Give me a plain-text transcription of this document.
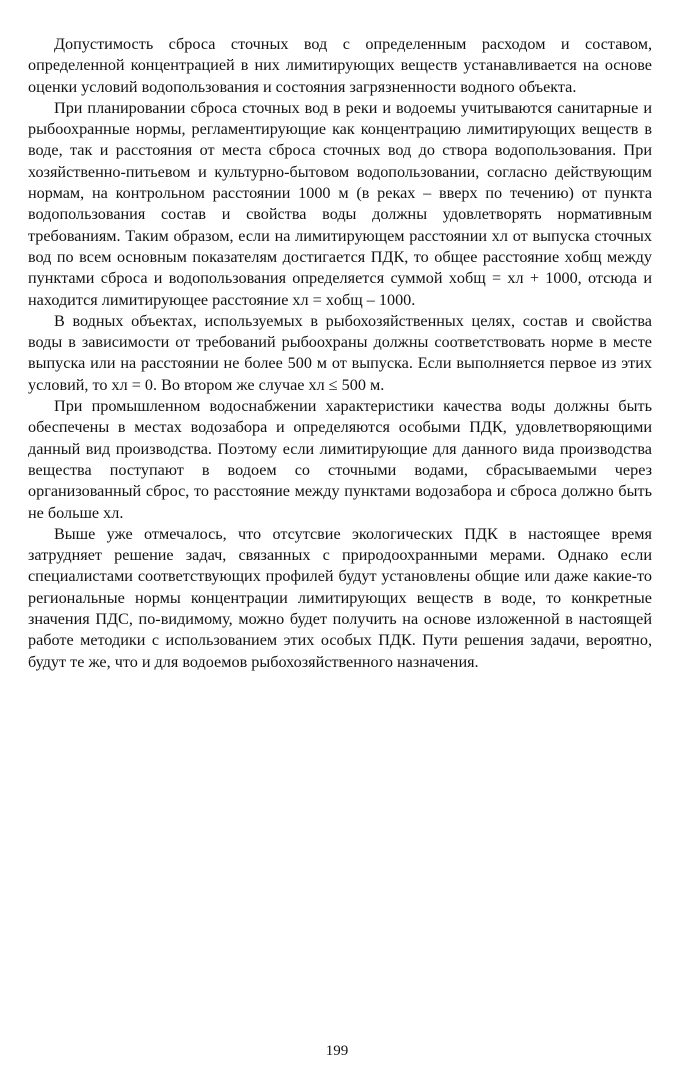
Допустимость сброса сточных вод с определенным расходом и составом, определенной концентрацией в них лимитирующих веществ устанавливается на основе оценки условий водопользования и состояния загрязненности водного объекта.

При планировании сброса сточных вод в реки и водоемы учитываются санитарные и рыбоохранные нормы, регламентирующие как концентрацию лимитирующих веществ в воде, так и расстояния от места сброса сточных вод до створа водопользования. При хозяйственно-питьевом и культурно-бытовом водопользовании, согласно действующим нормам, на контрольном расстоянии 1000 м (в реках – вверх по течению) от пункта водопользования состав и свойства воды должны удовлетворять нормативным требованиям. Таким образом, если на лимитирующем расстоянии xл от выпуска сточных вод по всем основным показателям достигается ПДК, то общее расстояние xобщ между пунктами сброса и водопользования определяется суммой xобщ = xл + 1000, отсюда и находится лимитирующее расстояние xл = xобщ – 1000.

В водных объектах, используемых в рыбохозяйственных целях, состав и свойства воды в зависимости от требований рыбоохраны должны соответствовать норме в месте выпуска или на расстоянии не более 500 м от выпуска. Если выполняется первое из этих условий, то xл = 0. Во втором же случае xл ≤ 500 м.

При промышленном водоснабжении характеристики качества воды должны быть обеспечены в местах водозабора и определяются особыми ПДК, удовлетворяющими данный вид производства. Поэтому если лимитирующие для данного вида производства вещества поступают в водоем со сточными водами, сбрасываемыми через организованный сброс, то расстояние между пунктами водозабора и сброса должно быть не больше xл.

Выше уже отмечалось, что отсутсвие экологических ПДК в настоящее время затрудняет решение задач, связанных с природоохранными мерами. Однако если специалистами соответствующих профилей будут установлены общие или даже какие-то региональные нормы концентрации лимитирующих веществ в воде, то конкретные значения ПДС, по-видимому, можно будет получить на основе изложенной в настоящей работе методики с использованием этих особых ПДК. Пути решения задачи, вероятно, будут те же, что и для водоемов рыбохозяйственного назначения.

199
